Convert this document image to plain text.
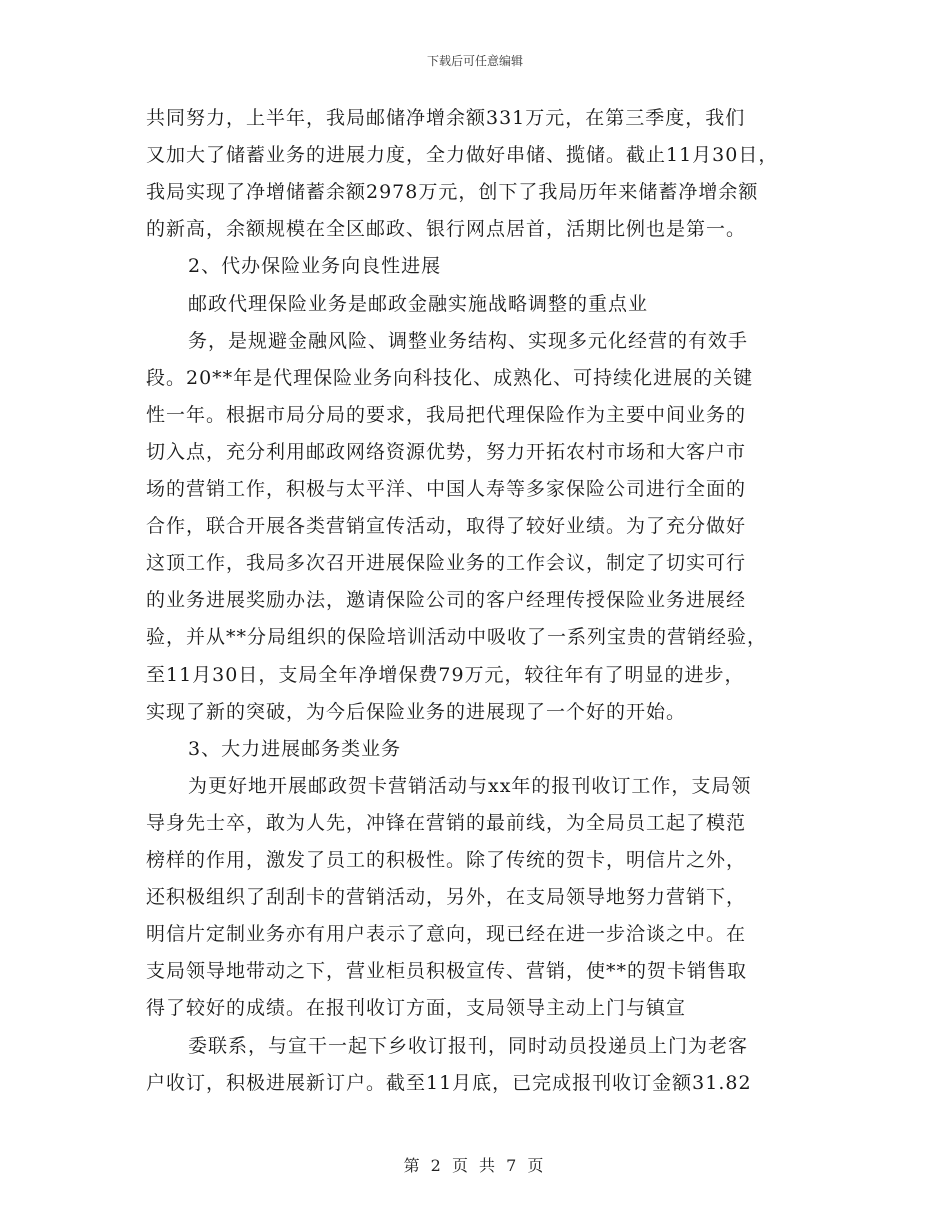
下载后可任意编辑
共同努力，上半年，我局邮储净增余额331万元，在第三季度，我们
又加大了储蓄业务的进展力度，全力做好串储、揽储。截止11月30日，
我局实现了净增储蓄余额2978万元，创下了我局历年来储蓄净增余额
的新高，余额规模在全区邮政、银行网点居首，活期比例也是第一。
2、代办保险业务向良性进展
邮政代理保险业务是邮政金融实施战略调整的重点业
务，是规避金融风险、调整业务结构、实现多元化经营的有效手
段。20**年是代理保险业务向科技化、成熟化、可持续化进展的关键
性一年。根据市局分局的要求，我局把代理保险作为主要中间业务的
切入点，充分利用邮政网络资源优势，努力开拓农村市场和大客户市
场的营销工作，积极与太平洋、中国人寿等多家保险公司进行全面的
合作，联合开展各类营销宣传活动，取得了较好业绩。为了充分做好
这顶工作，我局多次召开进展保险业务的工作会议，制定了切实可行
的业务进展奖励办法，邀请保险公司的客户经理传授保险业务进展经
验，并从**分局组织的保险培训活动中吸收了一系列宝贵的营销经验，
至11月30日，支局全年净增保费79万元，较往年有了明显的进步，
实现了新的突破，为今后保险业务的进展现了一个好的开始。
3、大力进展邮务类业务
为更好地开展邮政贺卡营销活动与xx年的报刊收订工作，支局领
导身先士卒，敢为人先，冲锋在营销的最前线，为全局员工起了模范
榜样的作用，激发了员工的积极性。除了传统的贺卡，明信片之外，
还积极组织了刮刮卡的营销活动，另外，在支局领导地努力营销下，
明信片定制业务亦有用户表示了意向，现已经在进一步洽谈之中。在
支局领导地带动之下，营业柜员积极宣传、营销，使**的贺卡销售取
得了较好的成绩。在报刊收订方面，支局领导主动上门与镇宣
委联系，与宣干一起下乡收订报刊，同时动员投递员上门为老客
户收订，积极进展新订户。截至11月底，已完成报刊收订金额31.82
第 2 页 共 7 页
